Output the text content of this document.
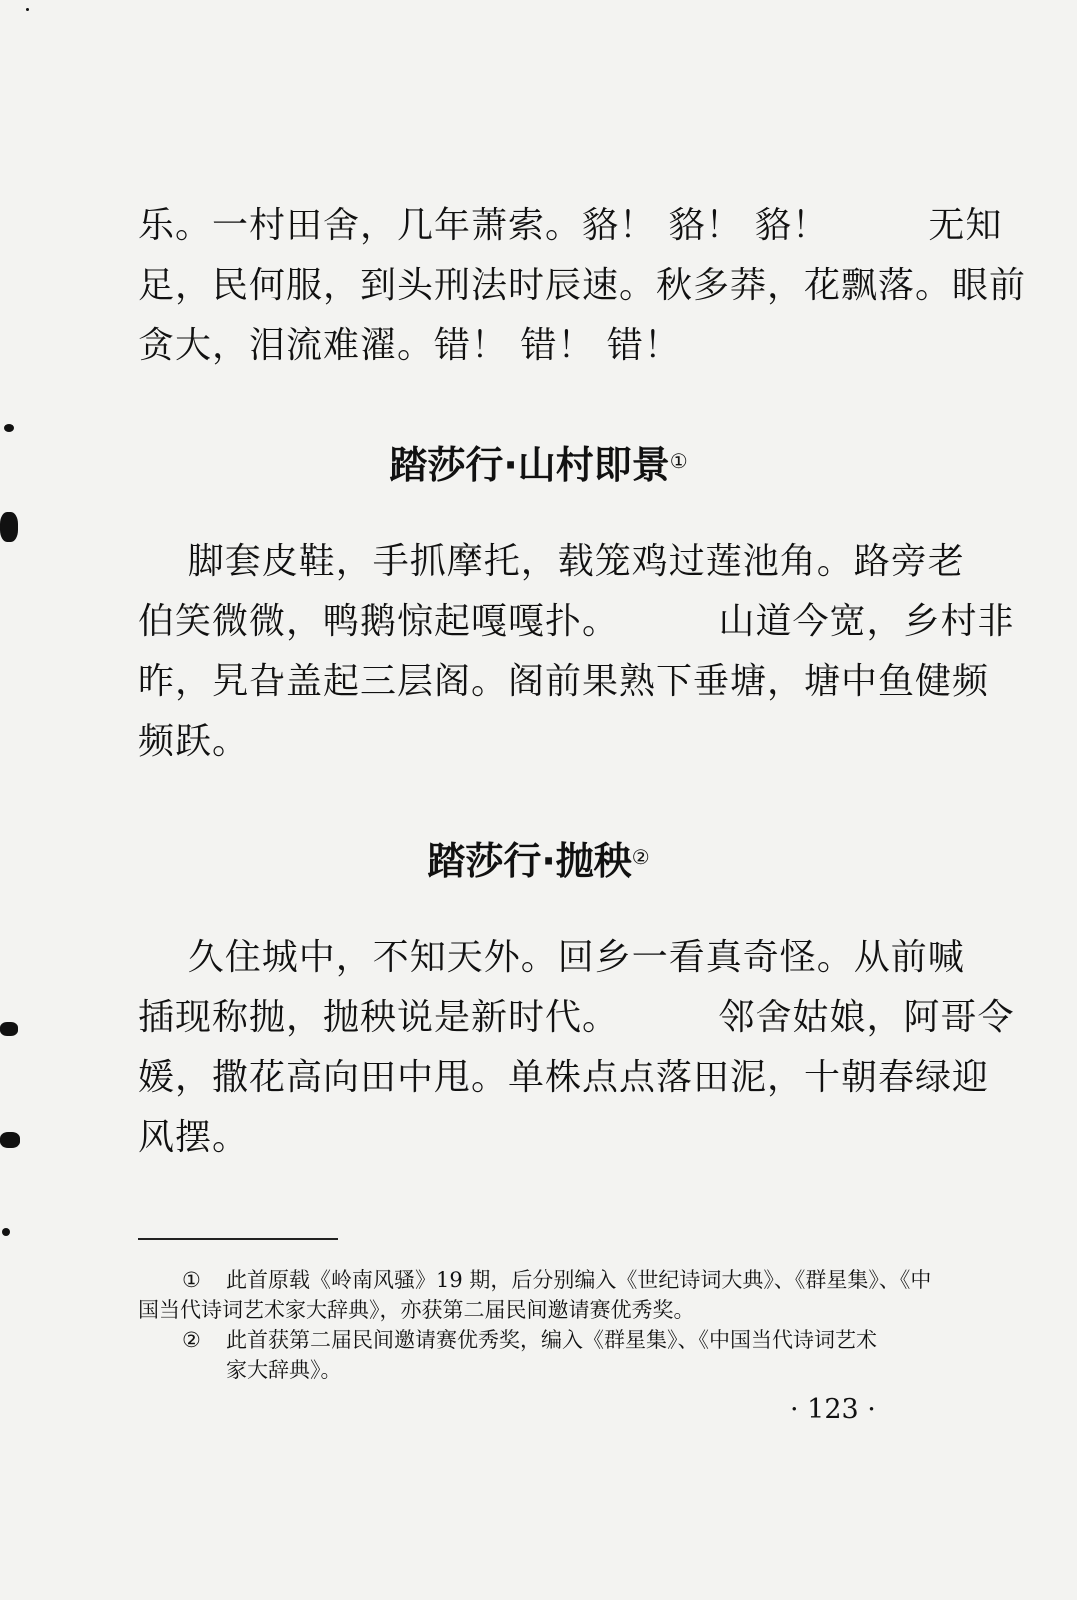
乐。一村田舍，几年萧索。貉！ 貉！ 貉！        无知
足，民何服，到头刑法时辰速。秋多莽，花飘落。眼前
贪大，泪流难濯。错！ 错！ 错！
踏莎行·山村即景①
脚套皮鞋，手抓摩托，载笼鸡过莲池角。路旁老
伯笑微微，鸭鹅惊起嘎嘎扑。        山道今宽，乡村非
昨，旯旮盖起三层阁。阁前果熟下垂塘，塘中鱼健频
频跃。
踏莎行·抛秧②
久住城中，不知天外。回乡一看真奇怪。从前喊
插现称抛，抛秧说是新时代。        邻舍姑娘，阿哥令
媛，撒花高向田中甩。单株点点落田泥，十朝春绿迎
风摆。
① 此首原载《岭南风骚》19 期，后分别编入《世纪诗词大典》、《群星集》、《中
国当代诗词艺术家大辞典》，亦获第二届民间邀请赛优秀奖。
② 此首获第二届民间邀请赛优秀奖，编入《群星集》、《中国当代诗词艺术
家大辞典》。
· 123 ·
